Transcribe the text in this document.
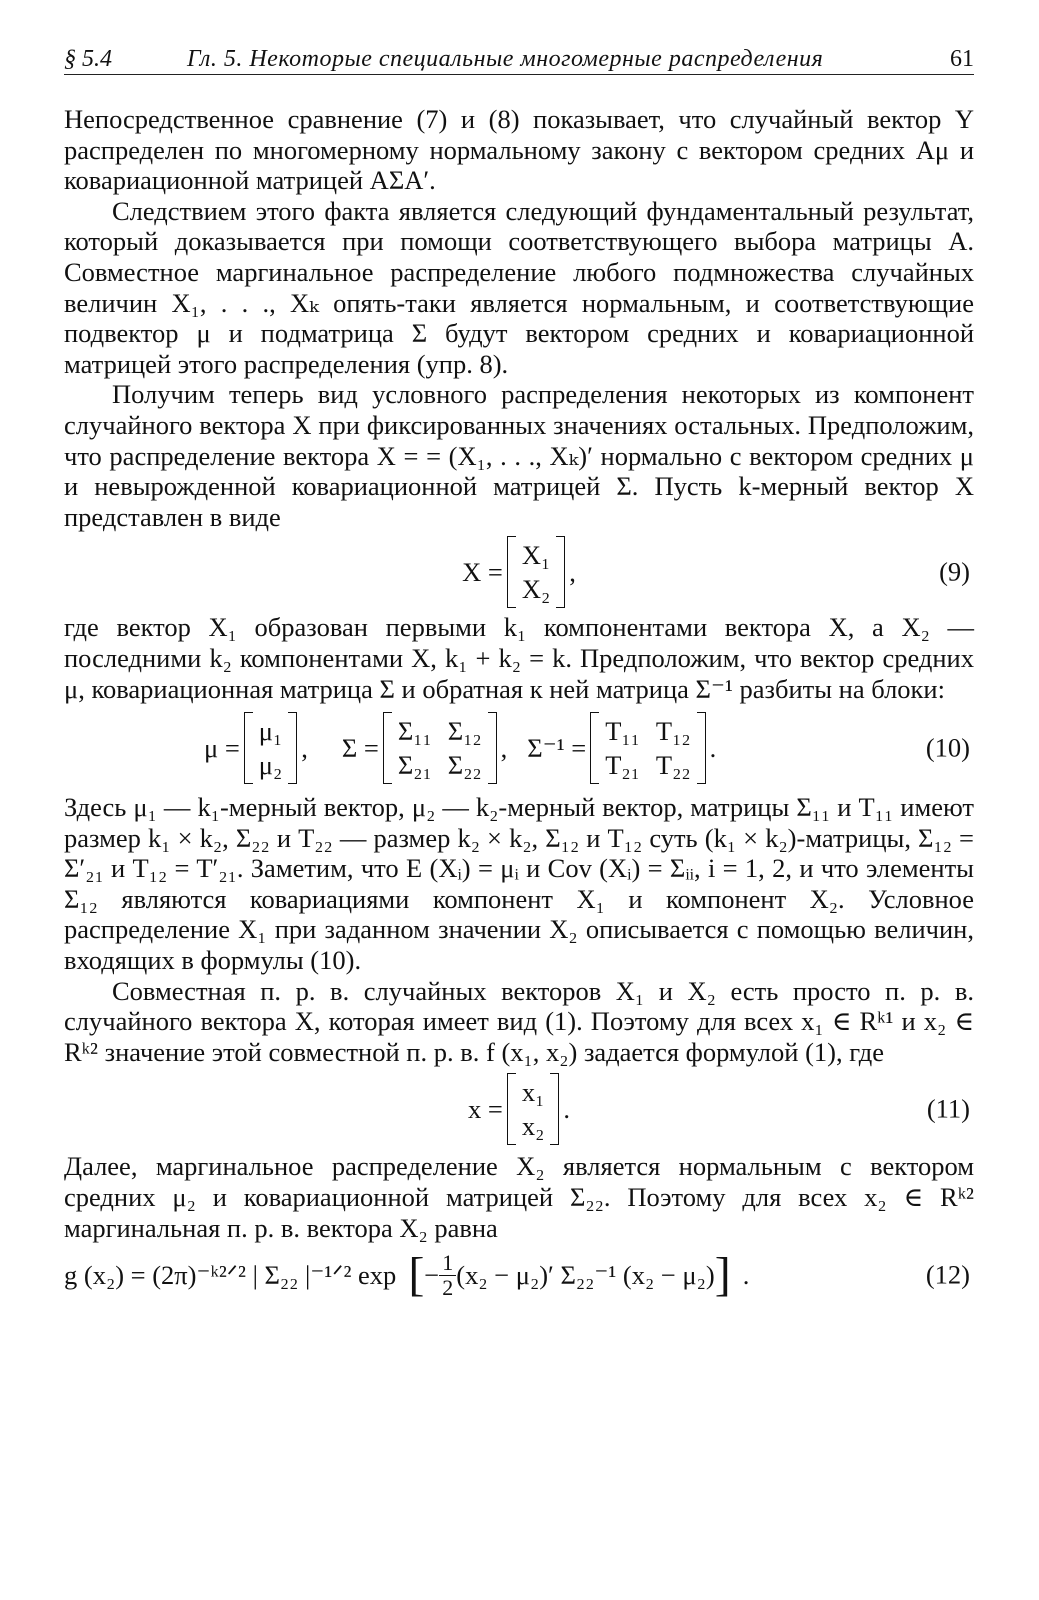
§ 5.4	Гл. 5. Некоторые специальные многомерные распределения	61

Непосредственное сравнение (7) и (8) показывает, что случайный вектор Y распределен по многомерному нормальному закону с вектором средних Aμ и ковариационной матрицей AΣA′.

Следствием этого факта является следующий фундаментальный результат, который доказывается при помощи соответствующего выбора матрицы A. Совместное маргинальное распределение любого подмножества случайных величин X₁, . . ., Xₖ опять-таки является нормальным, и соответствующие подвектор μ и подматрица Σ будут вектором средних и ковариационной матрицей этого распределения (упр. 8).

Получим теперь вид условного распределения некоторых из компонент случайного вектора X при фиксированных значениях остальных. Предположим, что распределение вектора X = = (X₁, . . ., Xₖ)′ нормально с вектором средних μ и невырожденной ковариационной матрицей Σ. Пусть k-мерный вектор X представлен в виде

X =
X₁
X₂
,	(9)

где вектор X₁ образован первыми k₁ компонентами вектора X, а X₂ — последними k₂ компонентами X, k₁ + k₂ = k. Предположим, что вектор средних μ, ковариационная матрица Σ и обратная к ней матрица Σ⁻¹ разбиты на блоки:

μ =
μ₁
μ₂
, Σ =
Σ₁₁ Σ₁₂
Σ₂₁ Σ₂₂
, Σ⁻¹ =
T₁₁ T₁₂
T₂₁ T₂₂
.	(10)

Здесь μ₁ — k₁-мерный вектор, μ₂ — k₂-мерный вектор, матрицы Σ₁₁ и T₁₁ имеют размер k₁ × k₂, Σ₂₂ и T₂₂ — размер k₂ × k₂, Σ₁₂ и T₁₂ суть (k₁ × k₂)-матрицы, Σ₁₂ = Σ′₂₁ и T₁₂ = T′₂₁. Заметим, что E (Xᵢ) = μᵢ и Cov (Xᵢ) = Σᵢᵢ, i = 1, 2, и что элементы Σ₁₂ являются ковариациями компонент X₁ и компонент X₂. Условное распределение X₁ при заданном значении X₂ описывается с помощью величин, входящих в формулы (10).

Совместная п. р. в. случайных векторов X₁ и X₂ есть просто п. р. в. случайного вектора X, которая имеет вид (1). Поэтому для всех x₁ ∈ Rᵏ¹ и x₂ ∈ Rᵏ² значение этой совместной п. р. в. f (x₁, x₂) задается формулой (1), где

x =
x₁
x₂
.	(11)

Далее, маргинальное распределение X₂ является нормальным с вектором средних μ₂ и ковариационной матрицей Σ₂₂. Поэтому для всех x₂ ∈ Rᵏ² маргинальная п. р. в. вектора X₂ равна

g (x₂) = (2π)⁻ᵏ²ᐟ² | Σ₂₂ |⁻¹ᐟ² exp [ − $\frac{1}{2} (x_2 - \mu_2)'$ Σ₂₂⁻¹ (x₂ − μ₂) ] .	(12)
